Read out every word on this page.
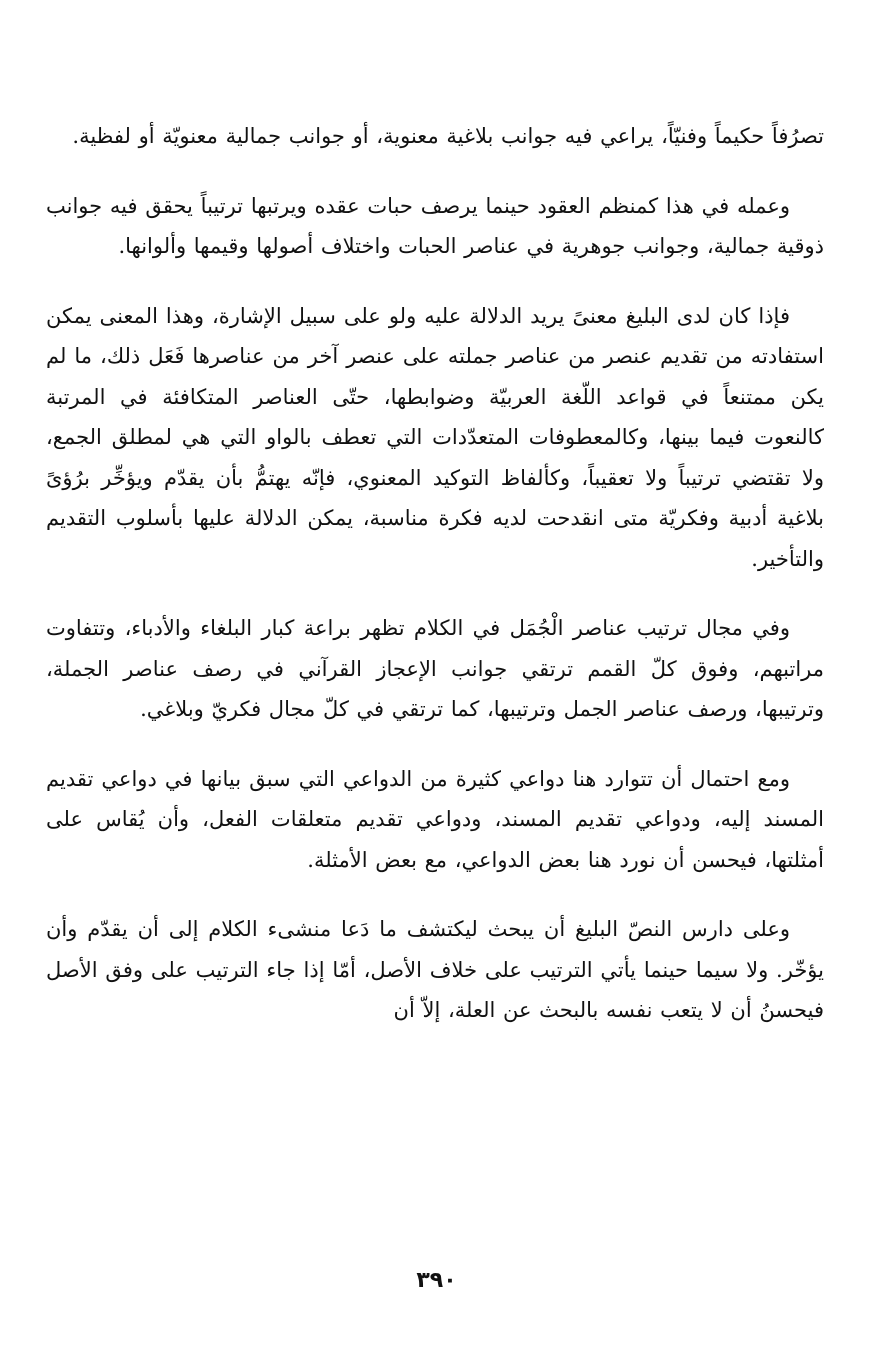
تصرُفاً حكيماً وفنيّاً، يراعي فيه جوانب بلاغية معنوية، أو جوانب جمالية معنويّة أو لفظية.

وعمله في هذا كمنظم العقود حينما يرصف حبات عقده ويرتبها ترتيباً يحقق فيه جوانب ذوقية جمالية، وجوانب جوهرية في عناصر الحبات واختلاف أصولها وقيمها وألوانها.

فإذا كان لدى البليغ معنىً يريد الدلالة عليه ولو على سبيل الإشارة، وهذا المعنى يمكن استفادته من تقديم عنصر من عناصر جملته على عنصر آخر من عناصرها فَعَل ذلك، ما لم يكن ممتنعاً في قواعد اللّغة العربيّة وضوابطها، حتّى العناصر المتكافئة في المرتبة كالنعوت فيما بينها، وكالمعطوفات المتعدّدات التي تعطف بالواو التي هي لمطلق الجمع، ولا تقتضي ترتيباً ولا تعقيباً، وكألفاظ التوكيد المعنوي، فإنّه يهتمُّ بأن يقدّم ويؤخِّر برُؤىً بلاغية أدبية وفكريّة متى انقدحت لديه فكرة مناسبة، يمكن الدلالة عليها بأسلوب التقديم والتأخير.

وفي مجال ترتيب عناصر الْجُمَل في الكلام تظهر براعة كبار البلغاء والأدباء، وتتفاوت مراتبهم، وفوق كلّ القمم ترتقي جوانب الإعجاز القرآني في رصف عناصر الجملة، وترتيبها، ورصف عناصر الجمل وترتيبها، كما ترتقي في كلّ مجال فكريّ وبلاغي.

ومع احتمال أن تتوارد هنا دواعي كثيرة من الدواعي التي سبق بيانها في دواعي تقديم المسند إليه، ودواعي تقديم المسند، ودواعي تقديم متعلقات الفعل، وأن يُقاس على أمثلتها، فيحسن أن نورد هنا بعض الدواعي، مع بعض الأمثلة.

وعلى دارس النصّ البليغ أن يبحث ليكتشف ما دَعا منشىء الكلام إلى أن يقدّم وأن يؤخّر. ولا سيما حينما يأتي الترتيب على خلاف الأصل، أمّا إذا جاء الترتيب على وفق الأصل فيحسنُ أن لا يتعب نفسه بالبحث عن العلة، إلاّ أن

٣٩٠
